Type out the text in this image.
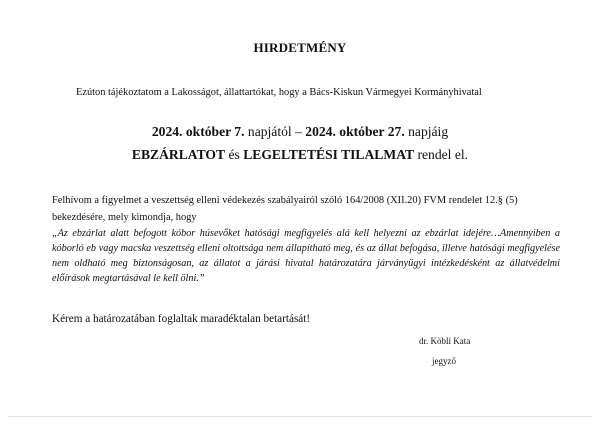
HIRDETMÉNY
Ezúton tájékoztatom a Lakosságot, állattartókat, hogy a Bács-Kiskun Vármegyei Kormányhivatal
2024. október 7. napjától – 2024. október 27. napjáig
EBZÁRLATOT és LEGELTETÉSI TILALMAT rendel el.
Felhívom a figyelmet a veszettség elleni védekezés szabályairól szóló 164/2008 (XII.20) FVM rendelet 12.§ (5) bekezdésére, mely kimondja, hogy
„Az ebzárlat alatt befogott kóbor húsevőket hatósági megfigyelés alá kell helyezni az ebzárlat idejére…Amennyiben a kóborló eb vagy macska veszettség elleni oltottsága nem állapítható meg, és az állat befogása, illetve hatósági megfigyelése nem oldható meg biztonságosan, az állatot a járási hivatal határozatára járványügyi intézkedésként az állatvédelmi előírások megtartásával le kell ölni.”
Kérem a határozatában foglaltak maradéktalan betartását!
dr. Köbli Kata
jegyző
